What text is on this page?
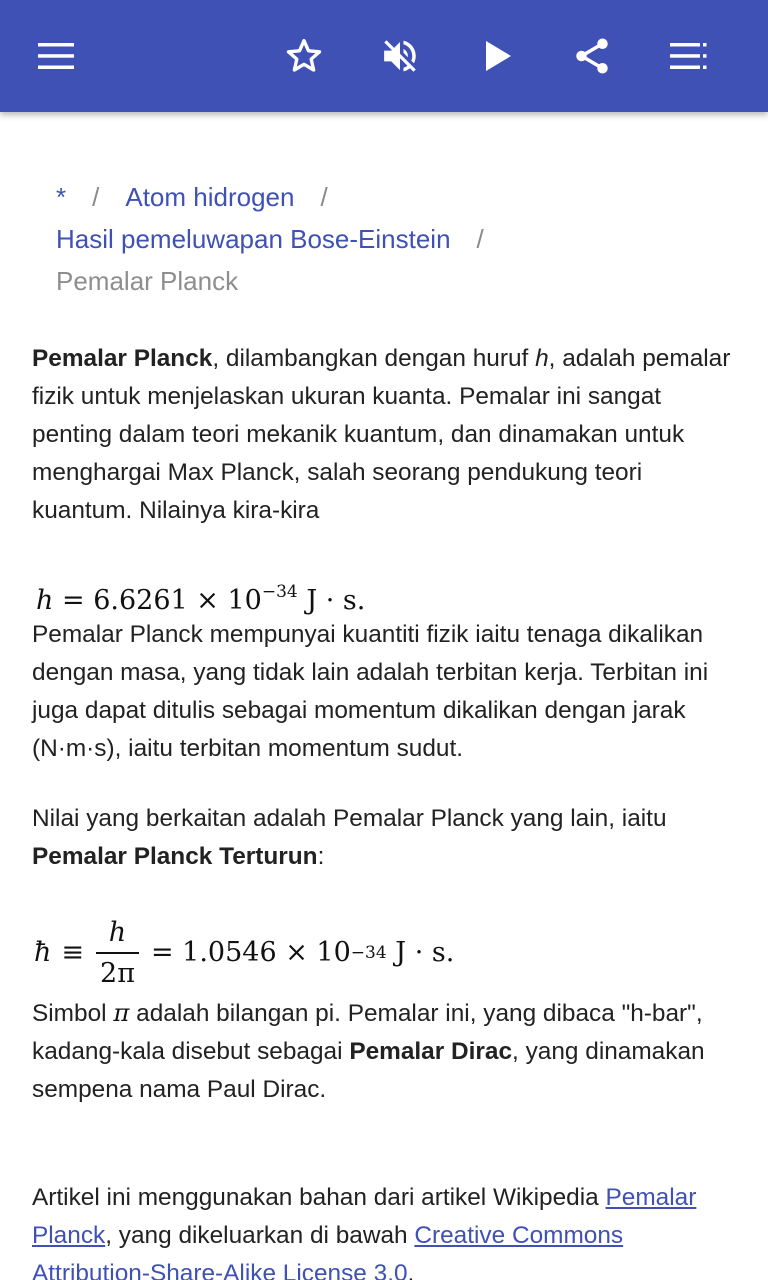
* / Atom hidrogen /
Hasil pemeluwapan Bose-Einstein /
Pemalar Planck

Pemalar Planck, dilambangkan dengan huruf h, adalah pemalar fizik untuk menjelaskan ukuran kuanta. Pemalar ini sangat penting dalam teori mekanik kuantum, dan dinamakan untuk menghargai Max Planck, salah seorang pendukung teori kuantum. Nilainya kira-kira

$h = 6.6261 \times 10^{-34}$ J · s.

Pemalar Planck mempunyai kuantiti fizik iaitu tenaga dikalikan dengan masa, yang tidak lain adalah terbitan kerja. Terbitan ini juga dapat ditulis sebagai momentum dikalikan dengan jarak (N·m·s), iaitu terbitan momentum sudut.

Nilai yang berkaitan adalah Pemalar Planck yang lain, iaitu Pemalar Planck Terturun:

ħ ≡ $\frac{h}{2\pi}$ =
1.0546 × 10 −34
J · s.

Simbol π adalah bilangan pi. Pemalar ini, yang dibaca "h-bar", kadang-kala disebut sebagai Pemalar Dirac, yang dinamakan sempena nama Paul Dirac.

Artikel ini menggunakan bahan dari artikel Wikipedia Pemalar Planck, yang dikeluarkan di bawah Creative Commons Attribution-Share-Alike License 3.0.
